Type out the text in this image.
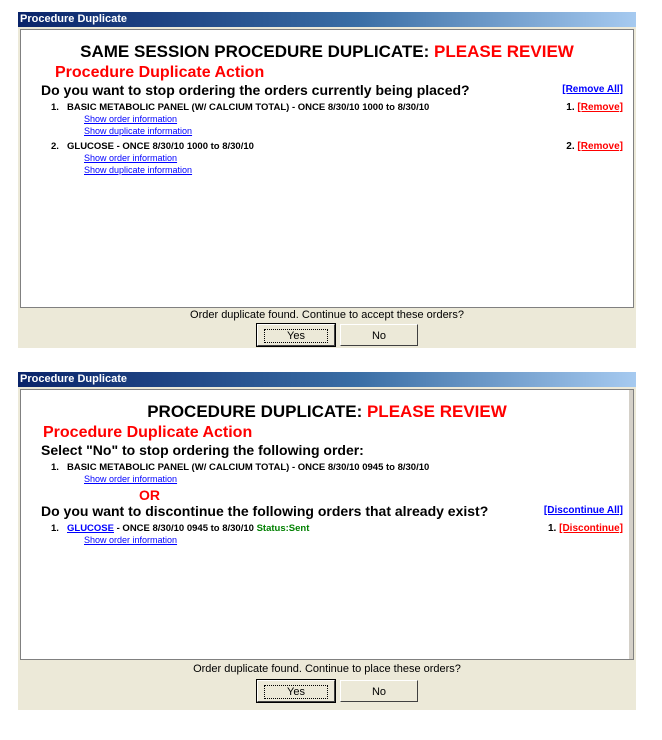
Procedure Duplicate
SAME SESSION PROCEDURE DUPLICATE: PLEASE REVIEW
Procedure Duplicate Action
Do you want to stop ordering the orders currently being placed?	[Remove All]
1. BASIC METABOLIC PANEL (W/ CALCIUM TOTAL) - ONCE 8/30/10 1000 to 8/30/10	1. [Remove]
Show order information
Show duplicate information
2. GLUCOSE - ONCE 8/30/10 1000 to 8/30/10	2. [Remove]
Show order information
Show duplicate information
Order duplicate found. Continue to accept these orders?
Yes	No
Procedure Duplicate
PROCEDURE DUPLICATE: PLEASE REVIEW
Procedure Duplicate Action
Select "No" to stop ordering the following order:
1. BASIC METABOLIC PANEL (W/ CALCIUM TOTAL) - ONCE 8/30/10 0945 to 8/30/10
Show order information
OR
Do you want to discontinue the following orders that already exist?	[Discontinue All]
1. GLUCOSE - ONCE 8/30/10 0945 to 8/30/10 Status:Sent	1. [Discontinue]
Show order information
Order duplicate found. Continue to place these orders?
Yes	No
